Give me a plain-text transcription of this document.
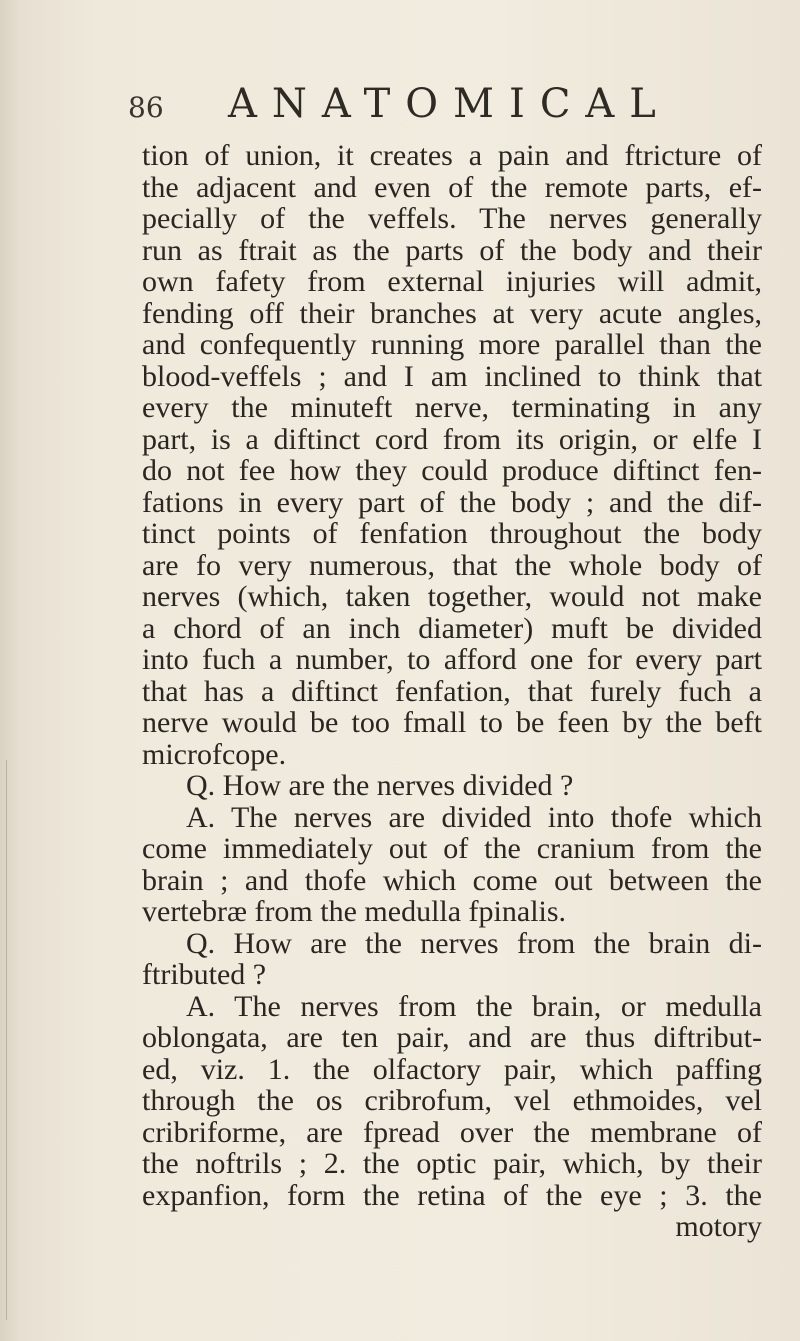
86 ANATOMICAL
tion of union, it creates a pain and ftricture of
the adjacent and even of the remote parts, ef-
pecially of the veffels. The nerves generally
run as ftrait as the parts of the body and their
own fafety from external injuries will admit,
fending off their branches at very acute angles,
and confequently running more parallel than the
blood-veffels ; and I am inclined to think that
every the minuteft nerve, terminating in any
part, is a diftinct cord from its origin, or elfe I
do not fee how they could produce diftinct fen-
fations in every part of the body ; and the dif-
tinct points of fenfation throughout the body
are fo very numerous, that the whole body of
nerves (which, taken together, would not make
a chord of an inch diameter) muft be divided
into fuch a number, to afford one for every part
that has a diftinct fenfation, that furely fuch a
nerve would be too fmall to be feen by the beft
microfcope.
Q. How are the nerves divided ?
A. The nerves are divided into thofe which
come immediately out of the cranium from the
brain ; and thofe which come out between the
vertebræ from the medulla fpinalis.
Q. How are the nerves from the brain di-
ftributed ?
A. The nerves from the brain, or medulla
oblongata, are ten pair, and are thus diftribut-
ed, viz. 1. the olfactory pair, which paffing
through the os cribrofum, vel ethmoides, vel
cribriforme, are fpread over the membrane of
the noftrils ; 2. the optic pair, which, by their
expanfion, form the retina of the eye ; 3. the
motory
